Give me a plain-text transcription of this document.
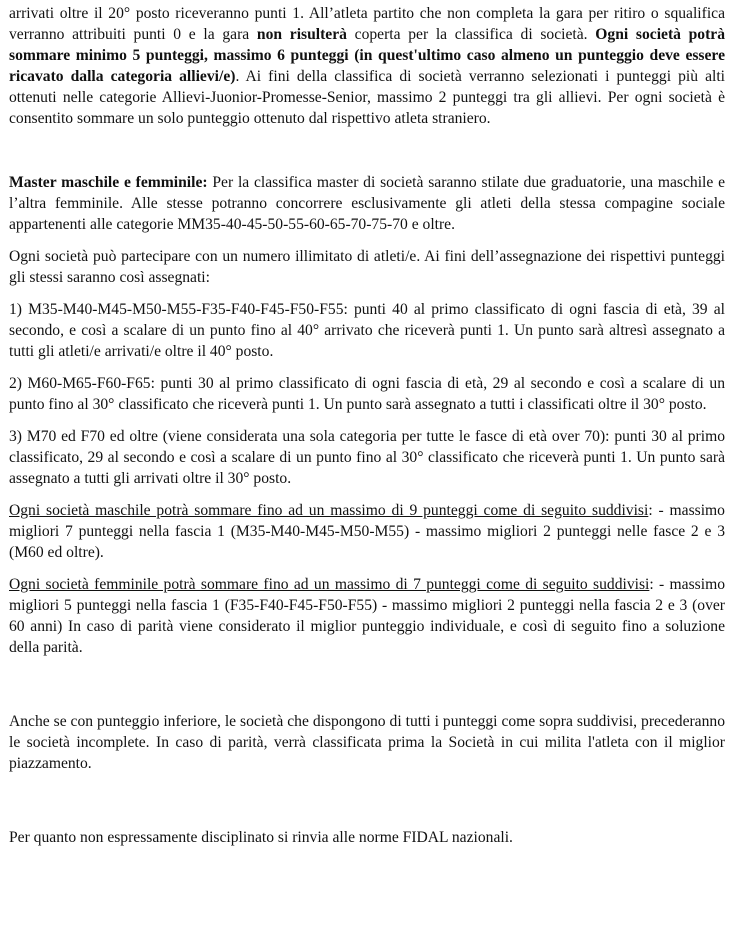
arrivati oltre il 20° posto riceveranno punti 1. All’atleta partito che non completa la gara per ritiro o squalifica verranno attribuiti punti 0 e la gara non risulterà coperta per la classifica di società. Ogni società potrà sommare minimo 5 punteggi, massimo 6 punteggi (in quest'ultimo caso almeno un punteggio deve essere ricavato dalla categoria allievi/e). Ai fini della classifica di società verranno selezionati i punteggi più alti ottenuti nelle categorie Allievi-Juonior-Promesse-Senior, massimo 2 punteggi tra gli allievi. Per ogni società è consentito sommare un solo punteggio ottenuto dal rispettivo atleta straniero.

Master maschile e femminile: Per la classifica master di società saranno stilate due graduatorie, una maschile e l’altra femminile. Alle stesse potranno concorrere esclusivamente gli atleti della stessa compagine sociale appartenenti alle categorie MM35-40-45-50-55-60-65-70-75-70 e oltre.

Ogni società può partecipare con un numero illimitato di atleti/e. Ai fini dell’assegnazione dei rispettivi punteggi gli stessi saranno così assegnati:

1) M35-M40-M45-M50-M55-F35-F40-F45-F50-F55: punti 40 al primo classificato di ogni fascia di età, 39 al secondo, e così a scalare di un punto fino al 40° arrivato che riceverà punti 1. Un punto sarà altresì assegnato a tutti gli atleti/e arrivati/e oltre il 40° posto.

2) M60-M65-F60-F65: punti 30 al primo classificato di ogni fascia di età, 29 al secondo e così a scalare di un punto fino al 30° classificato che riceverà punti 1. Un punto sarà assegnato a tutti i classificati oltre il 30° posto.

3) M70 ed F70 ed oltre (viene considerata una sola categoria per tutte le fasce di età over 70): punti 30 al primo classificato, 29 al secondo e così a scalare di un punto fino al 30° classificato che riceverà punti 1. Un punto sarà assegnato a tutti gli arrivati oltre il 30° posto.

Ogni società maschile potrà sommare fino ad un massimo di 9 punteggi come di seguito suddivisi: - massimo migliori 7 punteggi nella fascia 1 (M35-M40-M45-M50-M55) - massimo migliori 2 punteggi nelle fasce 2 e 3 (M60 ed oltre).

Ogni società femminile potrà sommare fino ad un massimo di 7 punteggi come di seguito suddivisi: - massimo migliori 5 punteggi nella fascia 1 (F35-F40-F45-F50-F55) - massimo migliori 2 punteggi nella fascia 2 e 3 (over 60 anni) In caso di parità viene considerato il miglior punteggio individuale, e così di seguito fino a soluzione della parità.

Anche se con punteggio inferiore, le società che dispongono di tutti i punteggi come sopra suddivisi, precederanno le società incomplete. In caso di parità, verrà classificata prima la Società in cui milita l'atleta con il miglior piazzamento.

Per quanto non espressamente disciplinato si rinvia alle norme FIDAL nazionali.
